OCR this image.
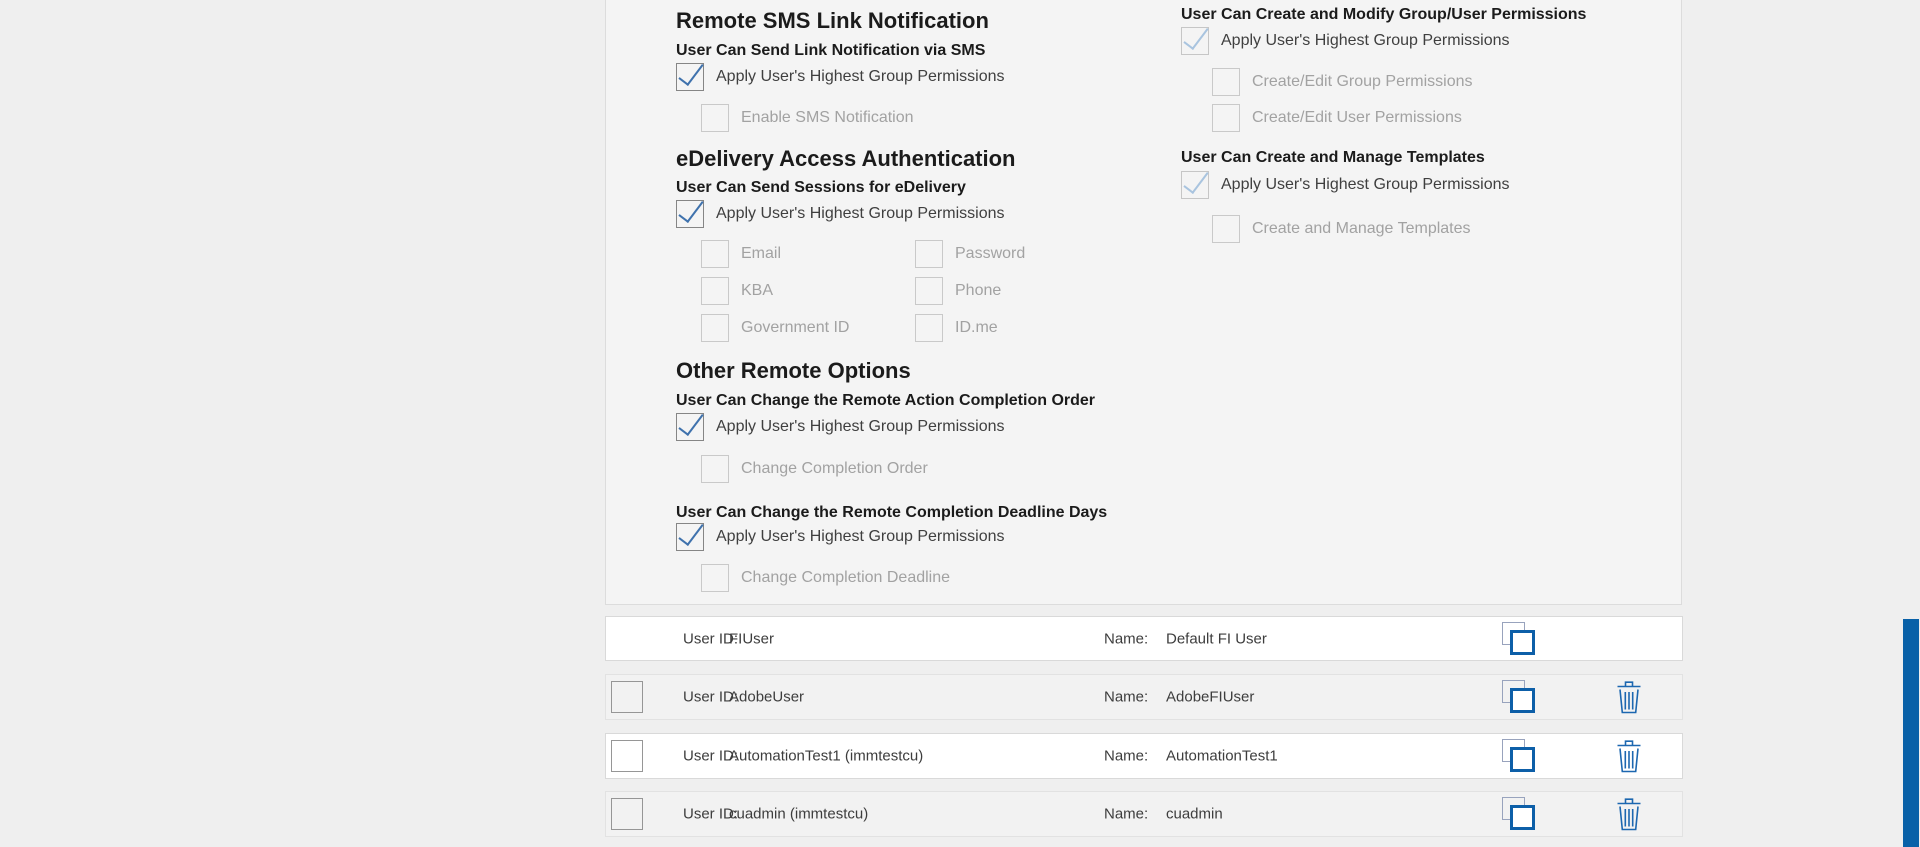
Remote SMS Link Notification
User Can Send Link Notification via SMS
Apply User's Highest Group Permissions
Enable SMS Notification
eDelivery Access Authentication
User Can Send Sessions for eDelivery
Apply User's Highest Group Permissions
Email	Password
KBA	Phone
Government ID	ID.me
Other Remote Options
User Can Change the Remote Action Completion Order
Apply User's Highest Group Permissions
Change Completion Order
User Can Change the Remote Completion Deadline Days
Apply User's Highest Group Permissions
Change Completion Deadline
User Can Create and Modify Group/User Permissions
Apply User's Highest Group Permissions
Create/Edit Group Permissions
Create/Edit User Permissions
User Can Create and Manage Templates
Apply User's Highest Group Permissions
Create and Manage Templates
User ID:
FIUser	Name: Default FI User
User ID:
AdobeUser	Name: AdobeFIUser
User ID:
AutomationTest1 (immtestcu)	Name: AutomationTest1
User ID:
cuadmin (immtestcu)	Name: cuadmin
